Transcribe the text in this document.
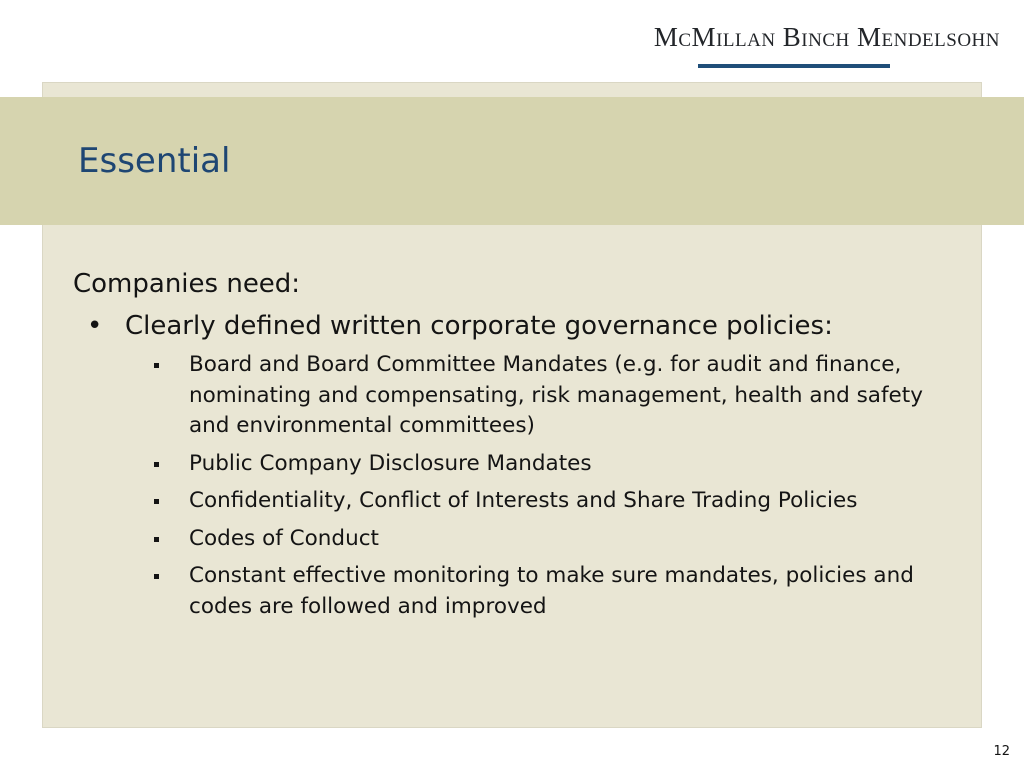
McMillan Binch Mendelsohn
Essential

Companies need:

• Clearly defined written corporate governance policies:
Board and Board Committee Mandates (e.g. for audit and finance, nominating and compensating, risk management, health and safety and environmental committees)
Public Company Disclosure Mandates
Confidentiality, Conflict of Interests and Share Trading Policies
Codes of Conduct
Constant effective monitoring to make sure mandates, policies and codes are followed and improved
12
